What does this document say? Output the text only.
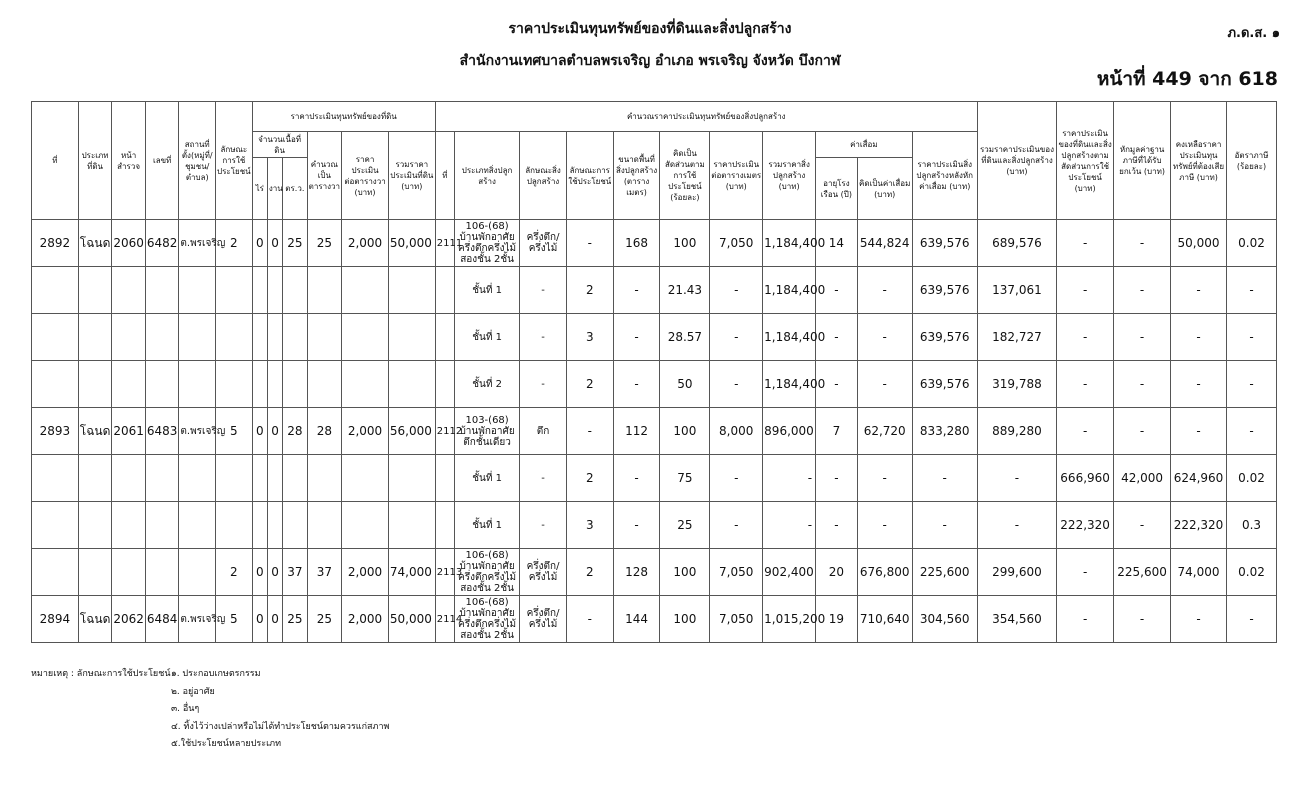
ราคาประเมินทุนทรัพย์ของที่ดินและสิ่งปลูกสร้าง
สำนักงานเทศบาลตำบลพรเจริญ อำเภอ พรเจริญ จังหวัด บึงกาฬ
ภ.ด.ส. ๑
หน้าที่ 449 จาก 618
ที่	ประเภทที่ดิน	หน้าสำรวจ	เลขที่	สถานที่ตั้ง(หมู่ที่/ชุมชน/ตำบล)	ลักษณะการใช้ประโยชน์	ราคาประเมินทุนทรัพย์ของที่ดิน						คำนวณราคาประเมินทุนทรัพย์ของสิ่งปลูกสร้าง											รวมราคาประเมินของที่ดินและสิ่งปลูกสร้าง (บาท)	ราคาประเมินของที่ดินและสิ่งปลูกสร้างตามสัดส่วนการใช้ประโยชน์ (บาท)	หักมูลค่าฐานภาษีที่ได้รับยกเว้น (บาท)	คงเหลือราคาประเมินทุนทรัพย์ที่ต้องเสียภาษี (บาท)	อัตราภาษี (ร้อยละ)
						จำนวนเนื้อที่ดิน			คำนวณเป็นตารางวา	ราคาประเมินต่อตารางวา (บาท)	รวมราคาประเมินที่ดิน (บาท)	ที่	ประเภทสิ่งปลูกสร้าง	ลักษณะสิ่งปลูกสร้าง	ลักษณะการใช้ประโยชน์	ขนาดพื้นที่สิ่งปลูกสร้าง (ตารางเมตร)	คิดเป็นสัดส่วนตามการใช้ประโยชน์ (ร้อยละ)	ราคาประเมินต่อตารางเมตร (บาท)	รวมราคาสิ่งปลูกสร้าง (บาท)	ค่าเสื่อม		ราคาประเมินสิ่งปลูกสร้างหลังหักค่าเสื่อม (บาท)					
						ไร่	งาน	ตร.ว.												อายุโรงเรือน (ปี)	คิดเป็นค่าเสื่อม (บาท)						
2892	โฉนด	2060	6482	ต.พรเจริญ	2	0	0	25	25	2,000	50,000	2111	106-(68) บ้านพักอาศัยครึ่งตึกครึ่งไม้สองชั้น 2ชั้น	ครึ่งตึก/ครึ่งไม้	-	168	100	7,050	1,184,400	14	544,824	639,576	689,576	-	-	50,000	0.02
													ชั้นที่ 1	-	2	-	21.43	-	1,184,400	-	-	639,576	137,061	-	-	-	-
													ชั้นที่ 1	-	3	-	28.57	-	1,184,400	-	-	639,576	182,727	-	-	-	-
													ชั้นที่ 2	-	2	-	50	-	1,184,400	-	-	639,576	319,788	-	-	-	-
2893	โฉนด	2061	6483	ต.พรเจริญ	5	0	0	28	28	2,000	56,000	2112	103-(68) บ้านพักอาศัยตึกชั้นเดียว	ตึก	-	112	100	8,000	896,000	7	62,720	833,280	889,280	-	-	-	-
													ชั้นที่ 1	-	2	-	75	-	-	-	-	-	-	666,960	42,000	624,960	0.02
													ชั้นที่ 1	-	3	-	25	-	-	-	-	-	-	222,320	-	222,320	0.3
					2	0	0	37	37	2,000	74,000	2113	106-(68) บ้านพักอาศัยครึ่งตึกครึ่งไม้สองชั้น 2ชั้น	ครึ่งตึก/ครึ่งไม้	2	128	100	7,050	902,400	20	676,800	225,600	299,600	-	225,600	74,000	0.02
2894	โฉนด	2062	6484	ต.พรเจริญ	5	0	0	25	25	2,000	50,000	2114	106-(68) บ้านพักอาศัยครึ่งตึกครึ่งไม้สองชั้น 2ชั้น	ครึ่งตึก/ครึ่งไม้	-	144	100	7,050	1,015,200	19	710,640	304,560	354,560	-	-	-	-
หมายเหตุ : ลักษณะการใช้ประโยชน์ ๑. ประกอบเกษตรกรรม
๒. อยู่อาศัย
๓. อื่นๆ
๔. ทิ้งไว้ว่างเปล่าหรือไม่ได้ทำประโยชน์ตามควรแก่สภาพ
๕.ใช้ประโยชน์หลายประเภท
